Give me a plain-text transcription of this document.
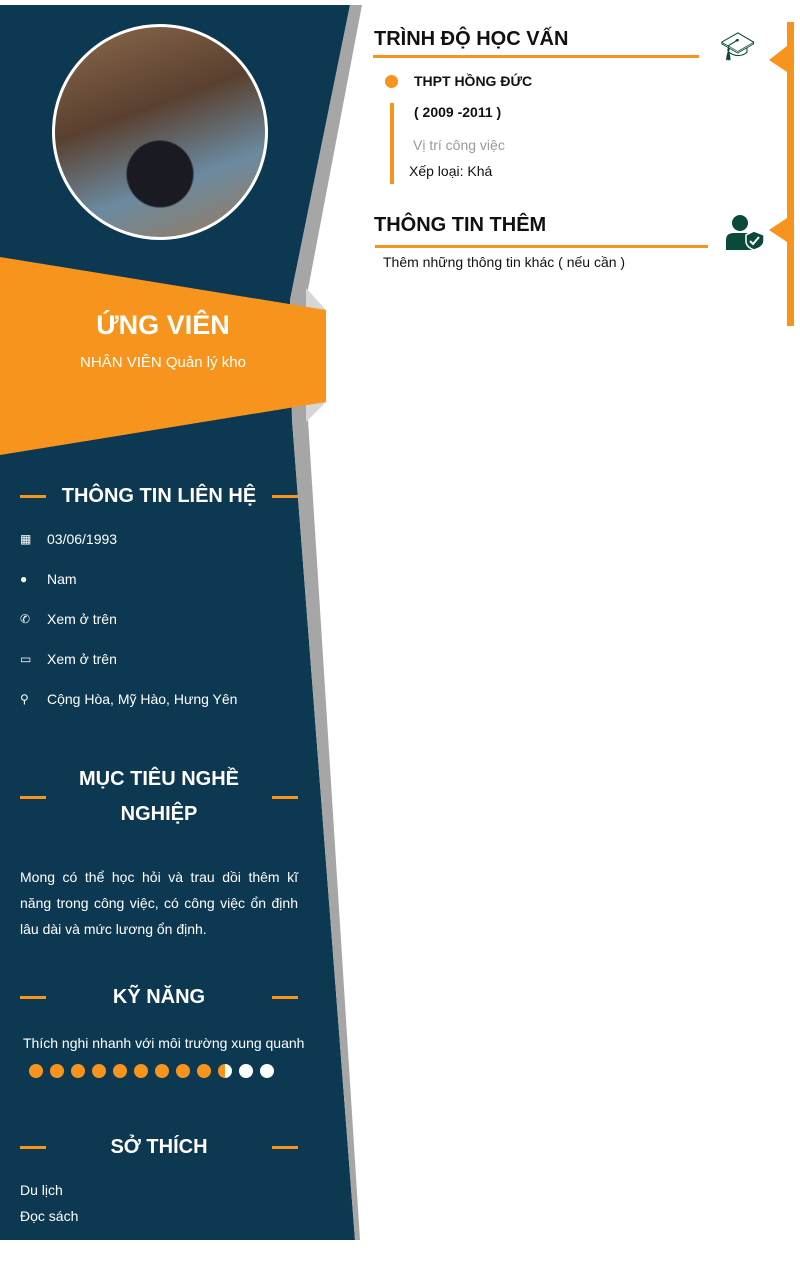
ỨNG VIÊN
NHÂN VIÊN Quản lý kho
THÔNG TIN LIÊN HỆ
▦	03/06/1993
●	Nam
✆	Xem ở trên
▭	Xem ở trên
⚲	Cộng Hòa, Mỹ Hào, Hưng Yên
MỤC TIÊU NGHỀ NGHIỆP
Mong có thể học hỏi và trau dồi thêm kĩ năng trong công việc, có công việc ổn định lâu dài và mức lương ổn định.
KỸ NĂNG
Thích nghi nhanh với môi trường xung quanh
SỞ THÍCH
Du lịch
Đọc sách
TRÌNH ĐỘ HỌC VẤN	🎓︎
THPT HỒNG ĐỨC
( 2009 -2011 )
Vị trí công việc
Xếp loại: Khá
THÔNG TIN THÊM
Thêm những thông tin khác ( nếu cần )
